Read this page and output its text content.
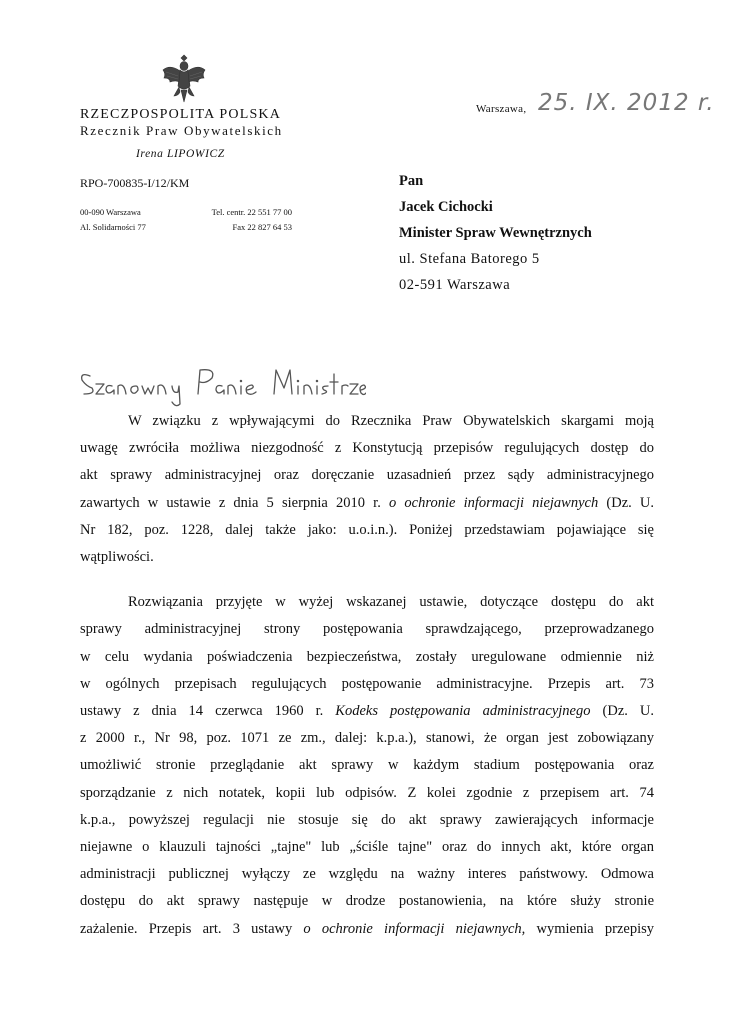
RZECZPOSPOLITA POLSKA
Rzecznik Praw Obywatelskich
Irena LIPOWICZ
RPO-700835-I/12/KM
00-090 Warszawa
Al. Solidarności 77
Tel. centr. 22 551 77 00
Fax 22 827 64 53
Warszawa, 25. IX. 2012 r.
Pan
Jacek Cichocki
Minister Spraw Wewnętrznych
ul. Stefana Batorego 5
02-591 Warszawa
W związku z wpływającymi do Rzecznika Praw Obywatelskich skargami moją
uwagę zwróciła możliwa niezgodność z Konstytucją przepisów regulujących dostęp do
akt sprawy administracyjnej oraz doręczanie uzasadnień przez sądy administracyjnego
zawartych w ustawie z dnia 5 sierpnia 2010 r. o ochronie informacji niejawnych (Dz. U.
Nr 182, poz. 1228, dalej także jako: u.o.i.n.). Poniżej przedstawiam pojawiające się
wątpliwości.
Rozwiązania przyjęte w wyżej wskazanej ustawie, dotyczące dostępu do akt
sprawy administracyjnej strony postępowania sprawdzającego, przeprowadzanego
w celu wydania poświadczenia bezpieczeństwa, zostały uregulowane odmiennie niż
w ogólnych przepisach regulujących postępowanie administracyjne. Przepis art. 73
ustawy z dnia 14 czerwca 1960 r. Kodeks postępowania administracyjnego (Dz. U.
z 2000 r., Nr 98, poz. 1071 ze zm., dalej: k.p.a.), stanowi, że organ jest zobowiązany
umożliwić stronie przeglądanie akt sprawy w każdym stadium postępowania oraz
sporządzanie z nich notatek, kopii lub odpisów. Z kolei zgodnie z przepisem art. 74
k.p.a., powyższej regulacji nie stosuje się do akt sprawy zawierających informacje
niejawne o klauzuli tajności „tajne" lub „ściśle tajne" oraz do innych akt, które organ
administracji publicznej wyłączy ze względu na ważny interes państwowy. Odmowa
dostępu do akt sprawy następuje w drodze postanowienia, na które służy stronie
zażalenie. Przepis art. 3 ustawy o ochronie informacji niejawnych, wymienia przepisy
